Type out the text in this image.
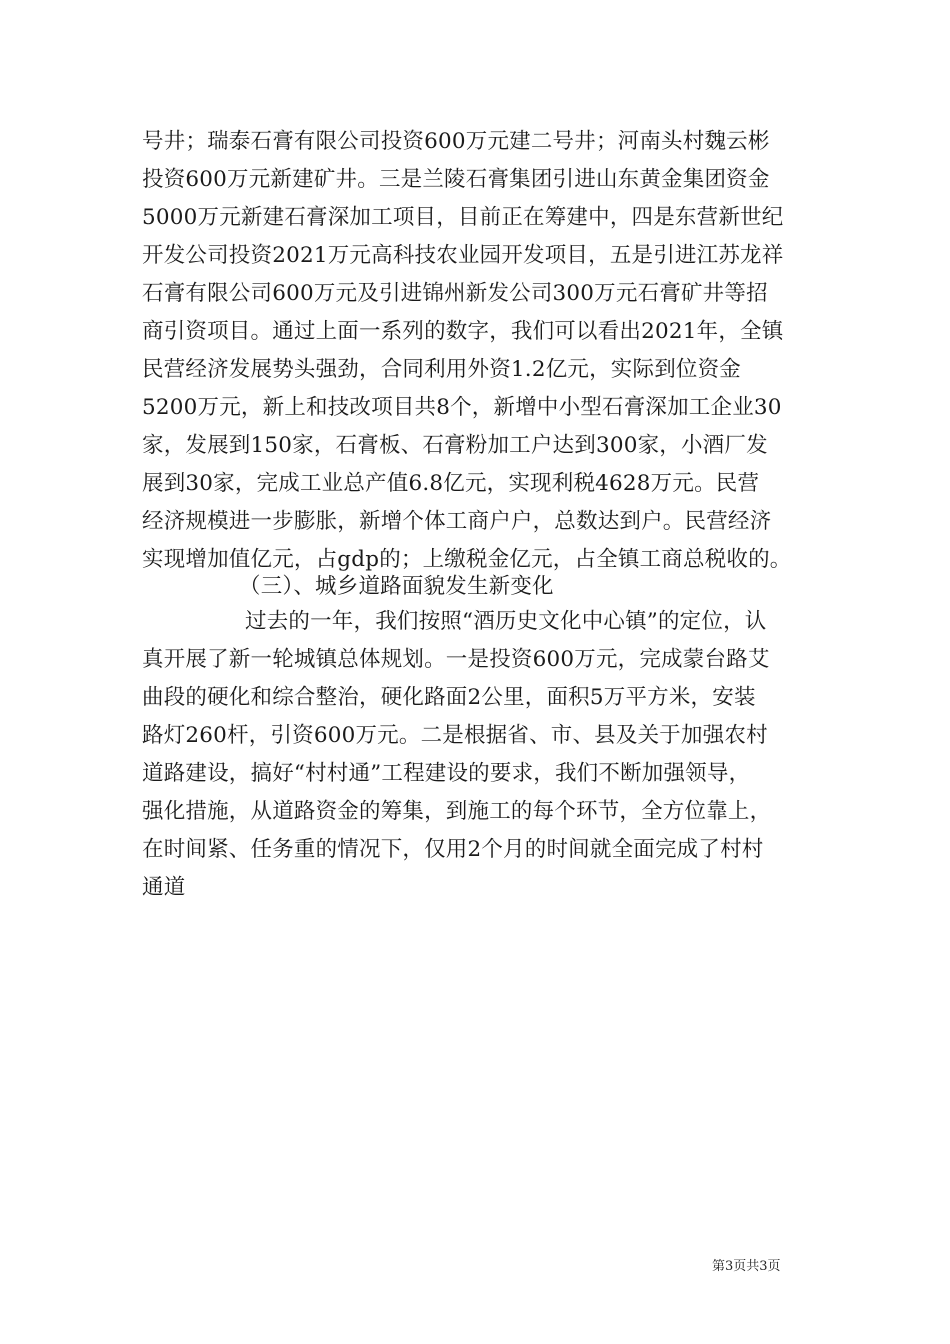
号井；瑞泰石膏有限公司投资600万元建二号井；河南头村魏云彬
投资600万元新建矿井。三是兰陵石膏集团引进山东黄金集团资金
5000万元新建石膏深加工项目，目前正在筹建中，四是东营新世纪
开发公司投资2021万元高科技农业园开发项目，五是引进江苏龙祥
石膏有限公司600万元及引进锦州新发公司300万元石膏矿井等招
商引资项目。通过上面一系列的数字，我们可以看出2021年，全镇
民营经济发展势头强劲，合同利用外资1.2亿元，实际到位资金
5200万元，新上和技改项目共8个，新增中小型石膏深加工企业30
家，发展到150家，石膏板、石膏粉加工户达到300家，小酒厂发
展到30家，完成工业总产值6.8亿元，实现利税4628万元。民营
经济规模进一步膨胀，新增个体工商户户，总数达到户。民营经济
实现增加值亿元，占gdp的；上缴税金亿元，占全镇工商总税收的。
（三）、城乡道路面貌发生新变化
过去的一年，我们按照“酒历史文化中心镇”的定位，认
真开展了新一轮城镇总体规划。一是投资600万元，完成蒙台路艾
曲段的硬化和综合整治，硬化路面2公里，面积5万平方米，安装
路灯260杆，引资600万元。二是根据省、市、县及关于加强农村
道路建设，搞好“村村通”工程建设的要求，我们不断加强领导，
强化措施，从道路资金的筹集，到施工的每个环节，全方位靠上，
在时间紧、任务重的情况下，仅用2个月的时间就全面完成了村村
通道
第3页共3页
